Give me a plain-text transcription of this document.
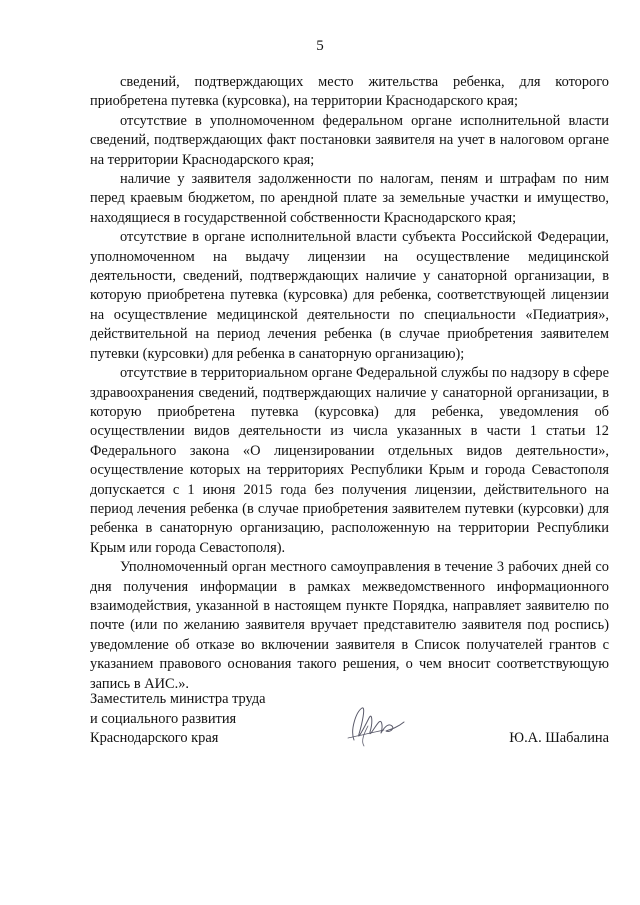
5

сведений, подтверждающих место жительства ребенка, для которого приобретена путевка (курсовка), на территории Краснодарского края;

отсутствие в уполномоченном федеральном органе исполнительной власти сведений, подтверждающих факт постановки заявителя на учет в налоговом органе на территории Краснодарского края;

наличие у заявителя задолженности по налогам, пеням и штрафам по ним перед краевым бюджетом, по арендной плате за земельные участки и имущество, находящиеся в государственной собственности Краснодарского края;

отсутствие в органе исполнительной власти субъекта Российской Федерации, уполномоченном на выдачу лицензии на осуществление медицинской деятельности, сведений, подтверждающих наличие у санаторной организации, в которую приобретена путевка (курсовка) для ребенка, соответствующей лицензии на осуществление медицинской деятельности по специальности «Педиатрия», действительной на период лечения ребенка (в случае приобретения заявителем путевки (курсовки) для ребенка в санаторную организацию);

отсутствие в территориальном органе Федеральной службы по надзору в сфере здравоохранения сведений, подтверждающих наличие у санаторной организации, в которую приобретена путевка (курсовка) для ребенка, уведомления об осуществлении видов деятельности из числа указанных в части 1 статьи 12 Федерального закона «О лицензировании отдельных видов деятельности», осуществление которых на территориях Республики Крым и города Севастополя допускается с 1 июня 2015 года без получения лицензии, действительного на период лечения ребенка (в случае приобретения заявителем путевки (курсовки) для ребенка в санаторную организацию, расположенную на территории Республики Крым или города Севастополя).

Уполномоченный орган местного самоуправления в течение 3 рабочих дней со дня получения информации в рамках межведомственного информационного взаимодействия, указанной в настоящем пункте Порядка, направляет заявителю по почте (или по желанию заявителя вручает представителю заявителя под роспись) уведомление об отказе во включении заявителя в Список получателей грантов с указанием правового основания такого решения, о чем вносит соответствующую запись в АИС.».

Заместитель министра труда
и социального развития
Краснодарского края	Ю.А. Шабалина
